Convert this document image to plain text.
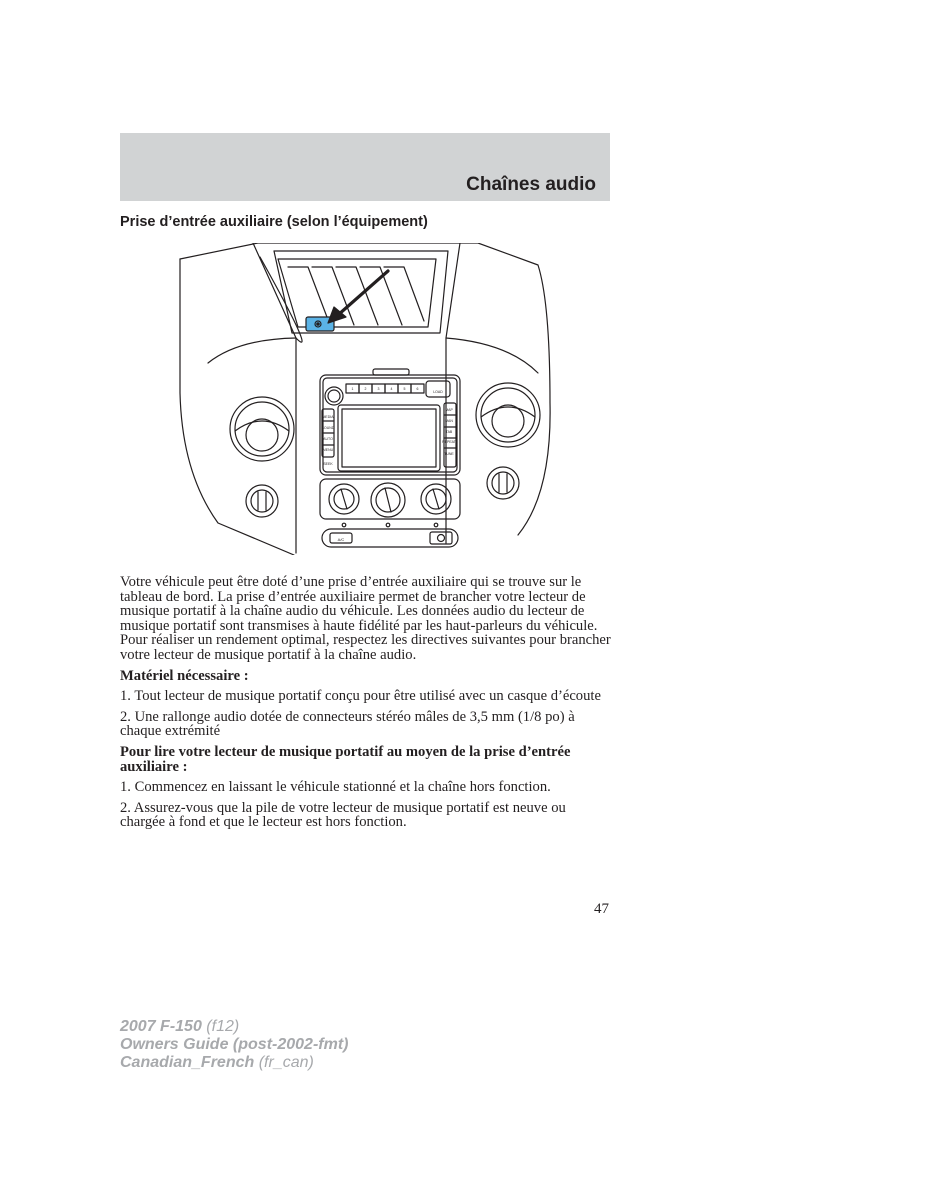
Chaînes audio
Prise d’entrée auxiliaire (selon l’équipement)
1	2	3	4	5	6
LOAD
MEDIA
SOUND
AUTO
MENU
SEEK
MAP
MAN
TAB
REPEAT
TUNE
A/C

Votre véhicule peut être doté d’une prise d’entrée auxiliaire qui se trouve sur le tableau de bord. La prise d’entrée auxiliaire permet de brancher votre lecteur de musique portatif à la chaîne audio du véhicule. Les données audio du lecteur de musique portatif sont transmises à haute fidélité par les haut-parleurs du véhicule. Pour réaliser un rendement optimal, respectez les directives suivantes pour brancher votre lecteur de musique portatif à la chaîne audio.

Matériel nécessaire :

1. Tout lecteur de musique portatif conçu pour être utilisé avec un casque d’écoute

2. Une rallonge audio dotée de connecteurs stéréo mâles de 3,5 mm (1/8 po) à chaque extrémité

Pour lire votre lecteur de musique portatif au moyen de la prise d’entrée auxiliaire :

1. Commencez en laissant le véhicule stationné et la chaîne hors fonction.

2. Assurez-vous que la pile de votre lecteur de musique portatif est neuve ou chargée à fond et que le lecteur est hors fonction.

47

2007 F-150 (f12)
Owners Guide (post-2002-fmt)
Canadian_French (fr_can)
